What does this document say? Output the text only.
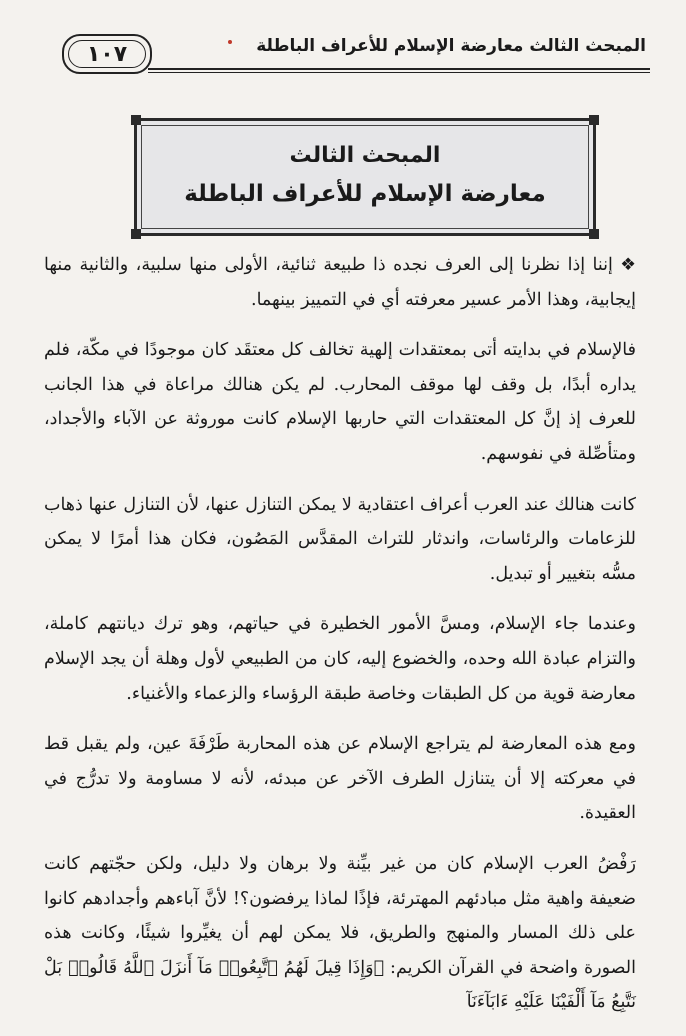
المبحث الثالث معارضة الإسلام للأعراف الباطلة
١٠٧
المبحث الثالث
معارضة الإسلام للأعراف الباطلة

❖ إننا إذا نظرنا إلى العرف نجده ذا طبيعة ثنائية، الأولى منها سلبية، والثانية منها إيجابية، وهذا الأمر عسير معرفته أي في التمييز بينهما.

فالإسلام في بدايته أتى بمعتقدات إلهية تخالف كل معتقَد كان موجودًا في مكّة، فلم يداره أبدًا، بل وقف لها موقف المحارب. لم يكن هنالك مراعاة في هذا الجانب للعرف إذ إنَّ كل المعتقدات التي حاربها الإسلام كانت موروثة عن الآباء والأجداد، ومتأصِّلة في نفوسهم.

كانت هنالك عند العرب أعراف اعتقادية لا يمكن التنازل عنها، لأن التنازل عنها ذهاب للزعامات والرئاسات، واندثار للتراث المقدَّس المَصُون، فكان هذا أمرًا لا يمكن مسُّه بتغيير أو تبديل.

وعندما جاء الإسلام، ومسَّ الأمور الخطيرة في حياتهم، وهو ترك ديانتهم كاملة، والتزام عبادة الله وحده، والخضوع إليه، كان من الطبيعي لأول وهلة أن يجد الإسلام معارضة قوية من كل الطبقات وخاصة طبقة الرؤساء والزعماء والأغنياء.

ومع هذه المعارضة لم يتراجع الإسلام عن هذه المحاربة طَرْفَةَ عين، ولم يقبل قط في معركته إلا أن يتنازل الطرف الآخر عن مبدئه، لأنه لا مساومة ولا تدرُّج في العقيدة.

رَفْضُ العرب الإسلام كان من غير بيِّنة ولا برهان ولا دليل، ولكن حجّتهم كانت ضعيفة واهية مثل مبادئهم المهترئة، فإذًا لماذا يرفضون؟! لأنَّ آباءهم وأجدادهم كانوا على ذلك المسار والمنهج والطريق، فلا يمكن لهم أن يغيِّروا شيئًا، وكانت هذه الصورة واضحة في القرآن الكريم: ﴿وَإِذَا قِيلَ لَهُمُ ٱتَّبِعُوا۟ مَآ أَنزَلَ ٱللَّهُ قَالُوا۟ بَلْ نَتَّبِعُ مَآ أَلْفَيْنَا عَلَيْهِ ءَابَآءَنَآ
